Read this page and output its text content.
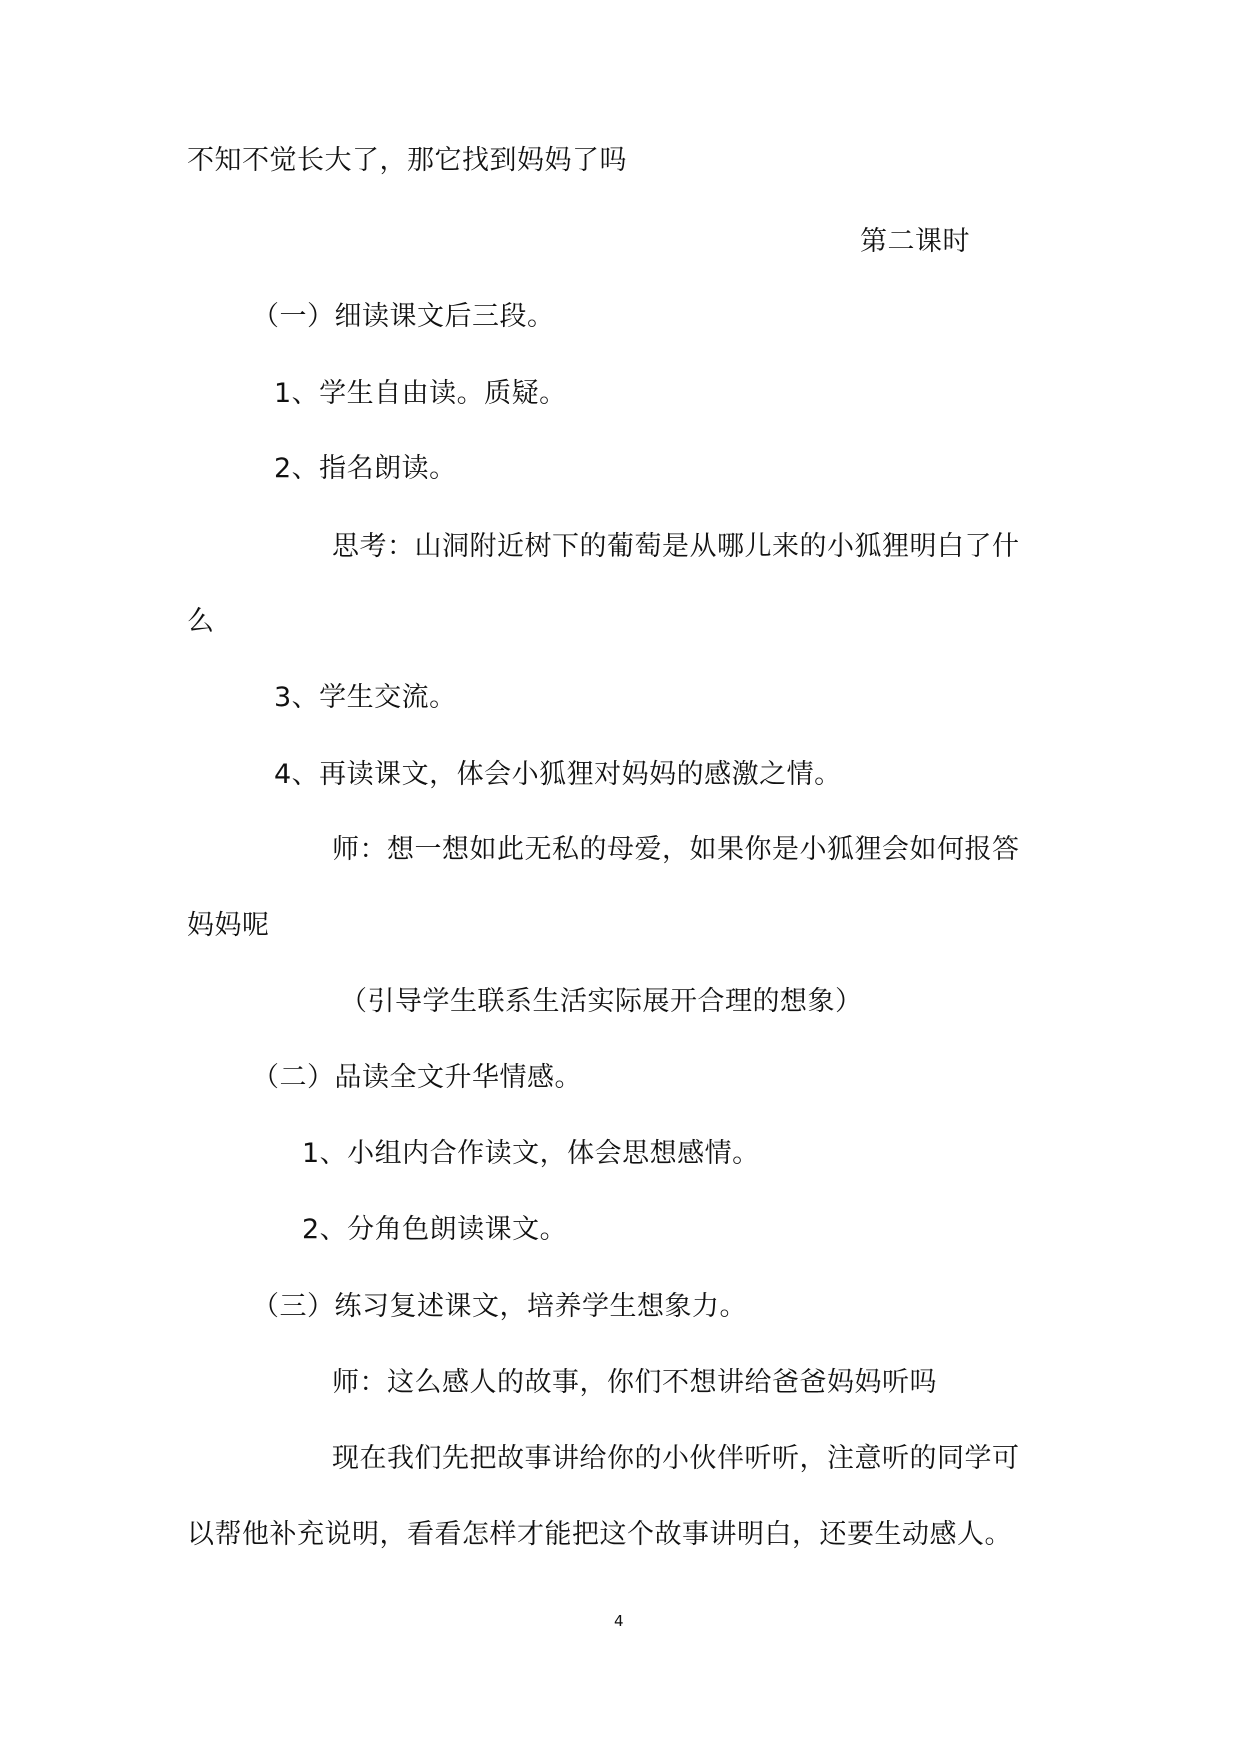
不知不觉长大了，那它找到妈妈了吗
第二课时
（一）细读课文后三段。
1、学生自由读。质疑。
2、指名朗读。
思考：山洞附近树下的葡萄是从哪儿来的小狐狸明白了什
么
3、学生交流。
4、再读课文，体会小狐狸对妈妈的感激之情。
师：想一想如此无私的母爱，如果你是小狐狸会如何报答
妈妈呢
（引导学生联系生活实际展开合理的想象）
（二）品读全文升华情感。
1、小组内合作读文，体会思想感情。
2、分角色朗读课文。
（三）练习复述课文，培养学生想象力。
师：这么感人的故事，你们不想讲给爸爸妈妈听吗
现在我们先把故事讲给你的小伙伴听听，注意听的同学可
以帮他补充说明，看看怎样才能把这个故事讲明白，还要生动感人。
4
